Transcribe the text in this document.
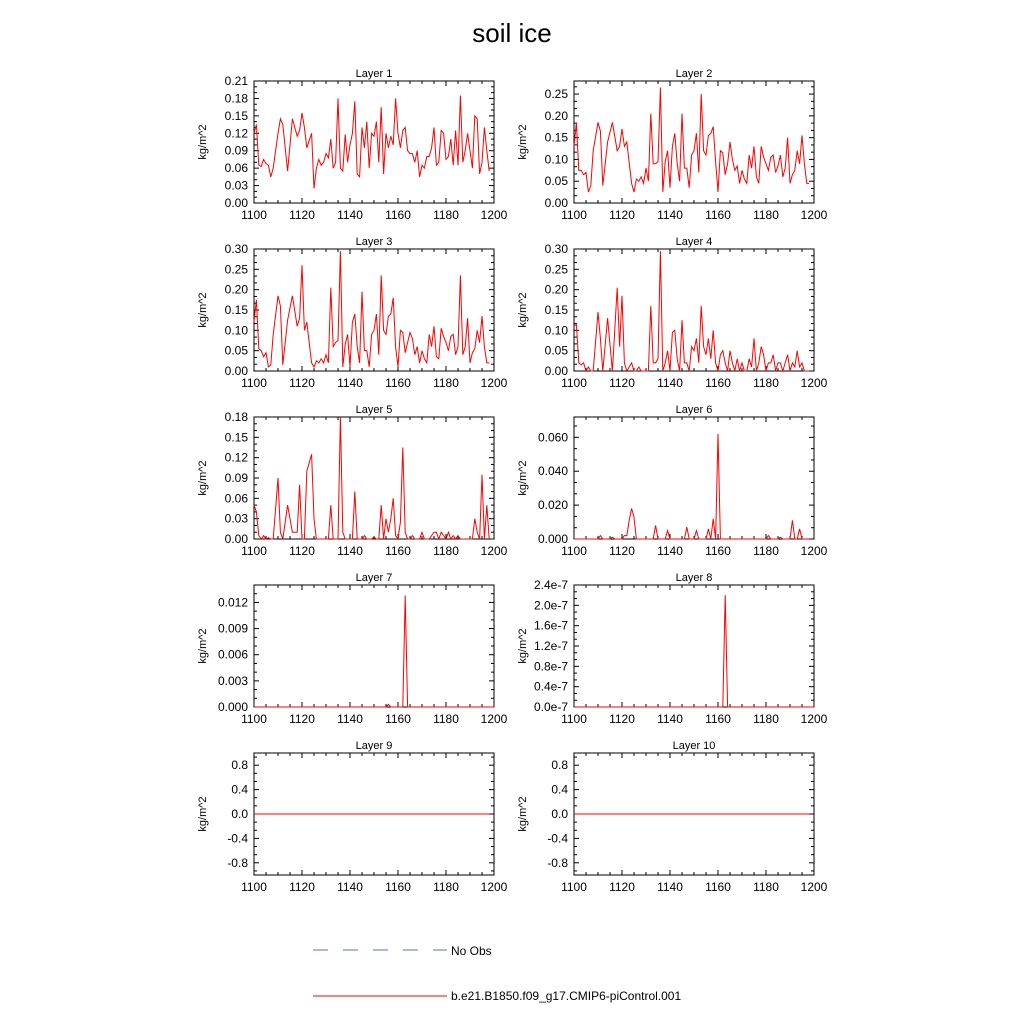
soil ice
Layer 1
kg/m^2
1100 1120 1140 1160 1180 1200
0.00
0.03
0.06
0.09
0.12
0.15
0.18
0.21	Layer 2
kg/m^2
1100 1120 1140 1160 1180 1200
0.00
0.05
0.10
0.15
0.20
0.25
Layer 3
kg/m^2
1100 1120 1140 1160 1180 1200
0.00
0.05
0.10
0.15
0.20
0.25
0.30	Layer 4
kg/m^2
1100 1120 1140 1160 1180 1200
0.00
0.05
0.10
0.15
0.20
0.25
0.30
Layer 5
kg/m^2
1100 1120 1140 1160 1180 1200
0.00
0.03
0.06
0.09
0.12
0.15
0.18	Layer 6
kg/m^2
1100 1120 1140 1160 1180 1200
0.000
0.020
0.040
0.060
Layer 7
kg/m^2
1100 1120 1140 1160 1180 1200
0.000
0.003
0.006
0.009
0.012
Layer 8
kg/m^2
1100 1120 1140 1160 1180 1200
0.0e-7
0.4e-7
0.8e-7
1.2e-7
1.6e-7
2.0e-7
2.4e-7
Layer 9
kg/m^2
1100 1120 1140 1160 1180 1200
-0.8
-0.4
0.0
0.4
0.8
Layer 10
kg/m^2
1100 1120 1140 1160 1180 1200
-0.8
-0.4
0.0
0.4
0.8
No Obs
b.e21.B1850.f09_g17.CMIP6-piControl.001
